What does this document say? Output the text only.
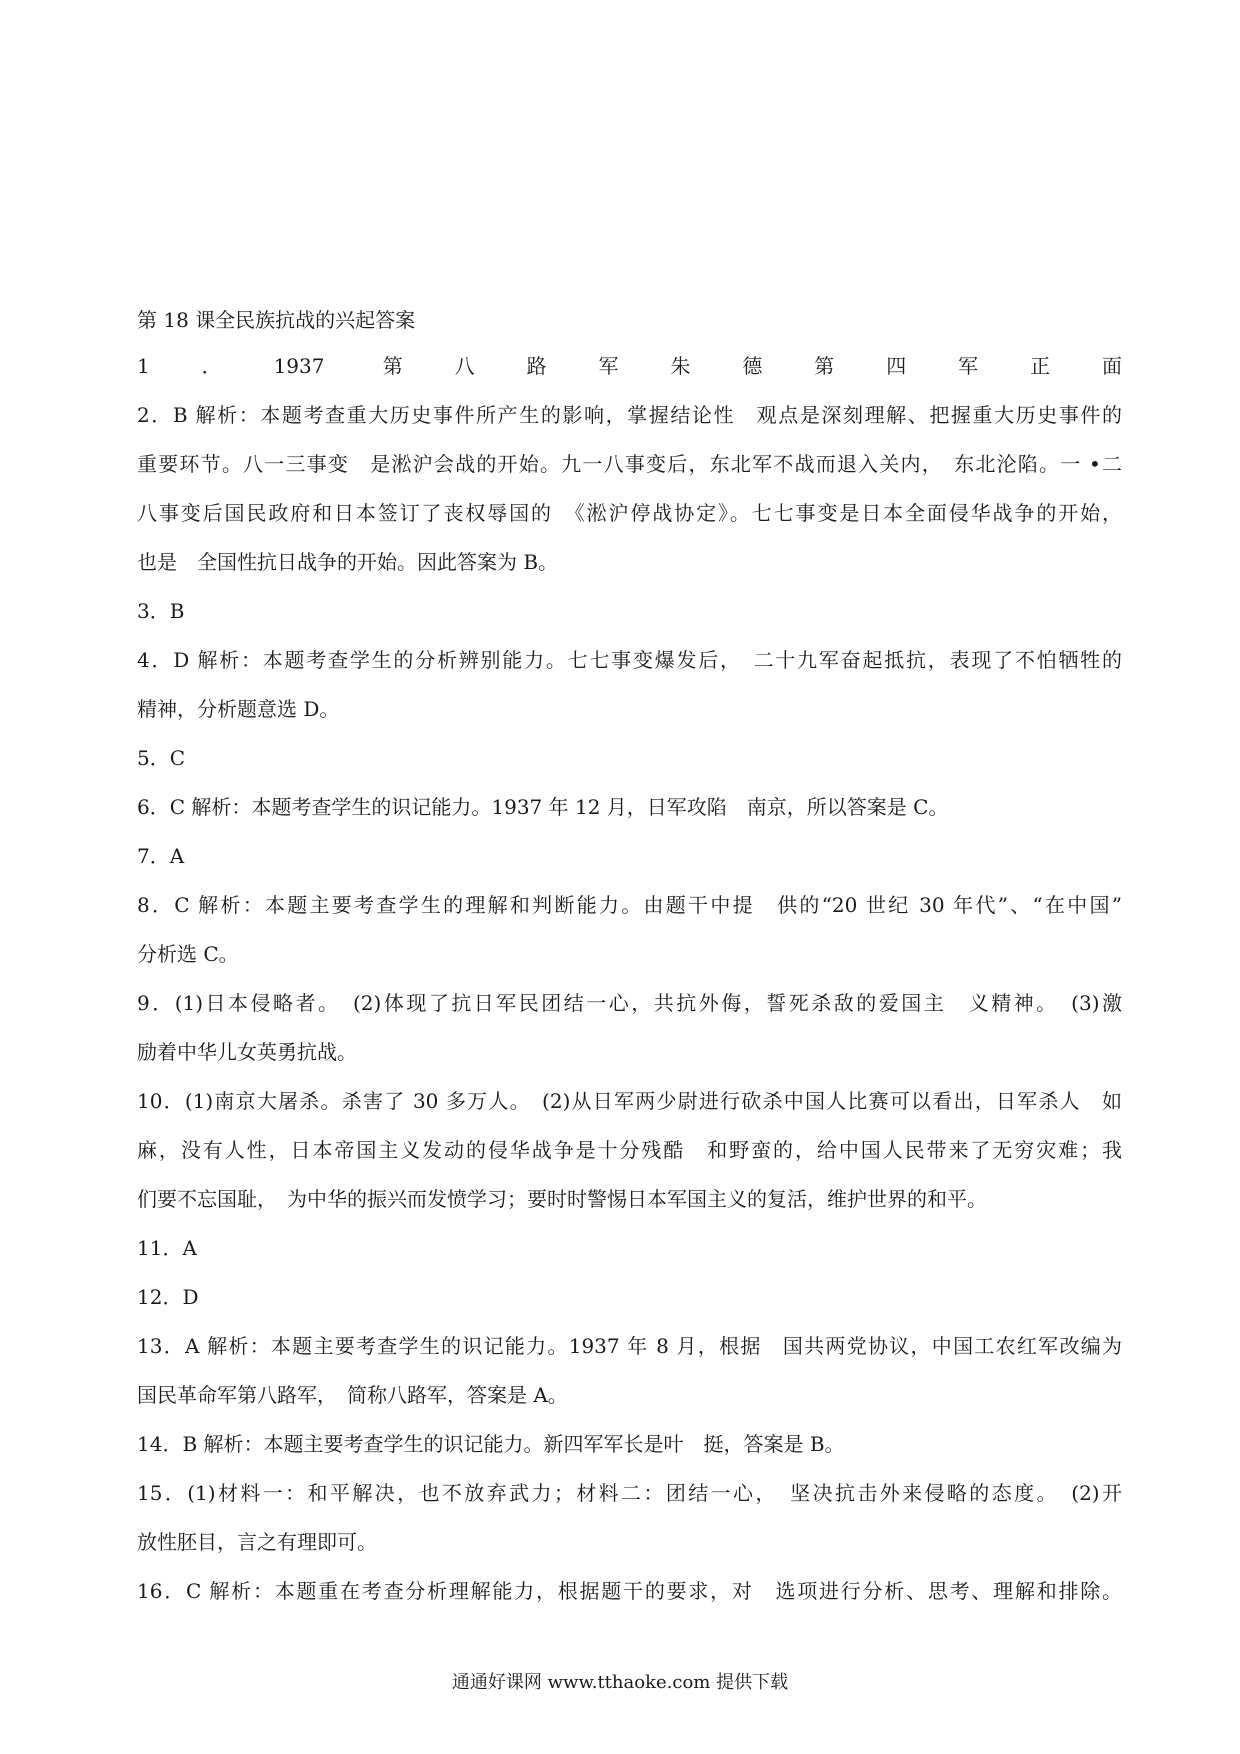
第 18 课全民族抗战的兴起答案
1．1937 第八路军朱德第四军正面
2．B 解析：本题考查重大历史事件所产生的影响，掌握结论性　观点是深刻理解、把握重大历史事件的
重要环节。八一三事变　是淞沪会战的开始。九一八事变后，东北军不战而退入关内，　东北沦陷。一 •二
八事变后国民政府和日本签订了丧权辱国的　《淞沪停战协定》。七七事变是日本全面侵华战争的开始，
也是　全国性抗日战争的开始。因此答案为 B。
3．B
4．D 解析：本题考查学生的分析辨别能力。七七事变爆发后，　二十九军奋起抵抗，表现了不怕牺牲的
精神，分析题意选 D。
5．C
6．C 解析：本题考查学生的识记能力。1937 年 12 月，日军攻陷　南京，所以答案是 C。
7．A
8．C 解析：本题主要考查学生的理解和判断能力。由题干中提　供的“20 世纪 30 年代”、“在中国”
分析选 C。
9．(1)日本侵略者。　(2)体现了抗日军民团结一心，共抗外侮，誓死杀敌的爱国主　义精神。　(3)激
励着中华儿女英勇抗战。
10．(1)南京大屠杀。杀害了 30 多万人。　(2)从日军两少尉进行砍杀中国人比赛可以看出，日军杀人　如
麻，没有人性，日本帝国主义发动的侵华战争是十分残酷　和野蛮的，给中国人民带来了无穷灾难；我
们要不忘国耻，　为中华的振兴而发愤学习；要时时警惕日本军国主义的复活，维护世界的和平。
11．A
12．D
13．A 解析：本题主要考查学生的识记能力。1937 年 8 月，根据　国共两党协议，中国工农红军改编为
国民革命军第八路军，　简称八路军，答案是 A。
14．B 解析：本题主要考查学生的识记能力。新四军军长是叶　挺，答案是 B。
15．(1)材料一：和平解决，也不放弃武力；材料二：团结一心，　坚决抗击外来侵略的态度。　(2)开
放性胚目，言之有理即可。
16．C 解析：本题重在考查分析理解能力，根据题干的要求，对　选项进行分析、思考、理解和排除。
通通好课网 www.tthaoke.com 提供下载
